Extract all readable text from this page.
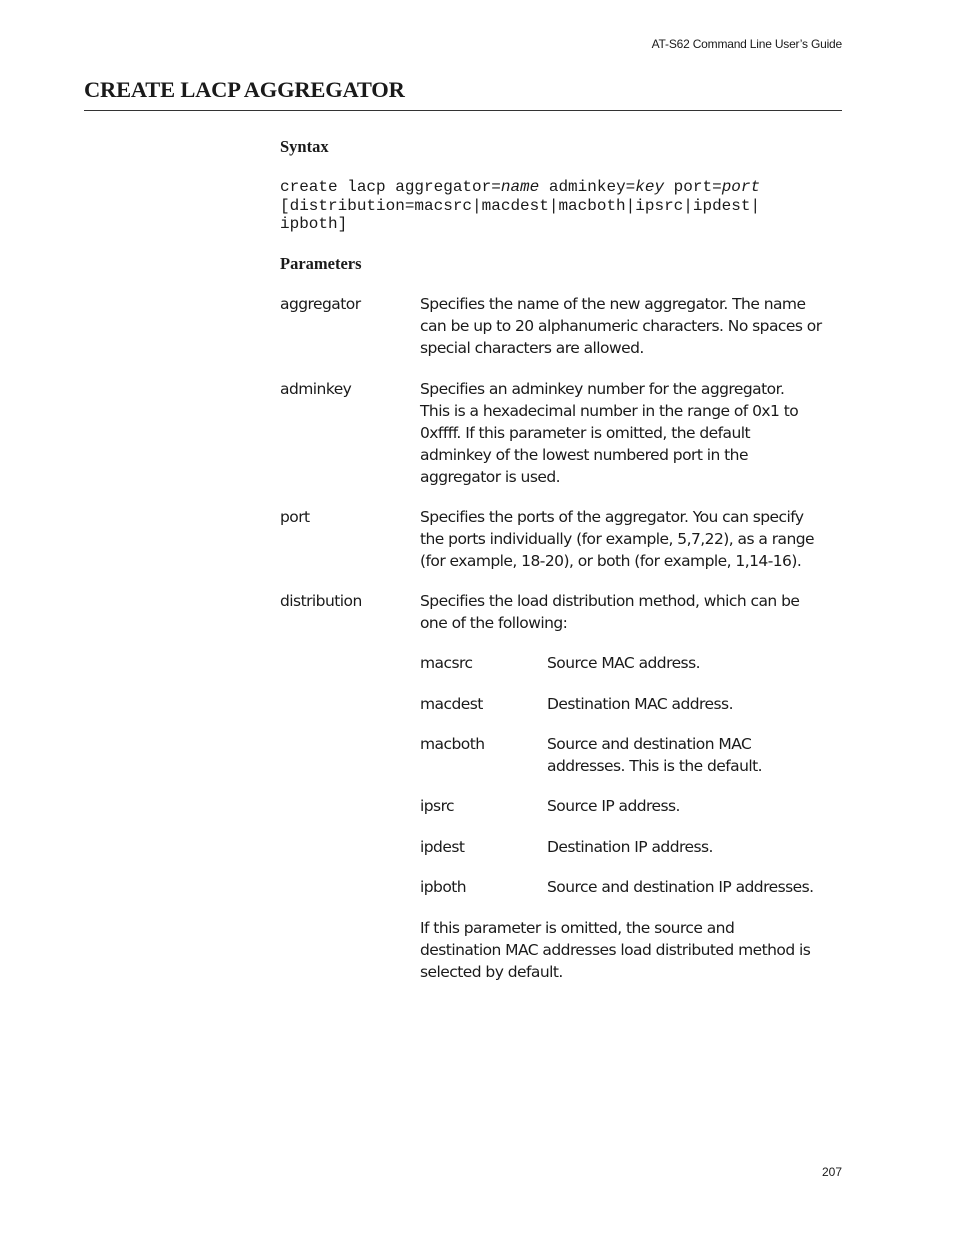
AT-S62 Command Line User’s Guide
CREATE LACP AGGREGATOR
Syntax
create lacp aggregator=name adminkey=key port=port
[distribution=macsrc|macdest|macboth|ipsrc|ipdest|
ipboth]
Parameters

aggregator	Specifies the name of the new aggregator. The name
can be up to 20 alphanumeric characters. No spaces or
special characters are allowed.

adminkey	Specifies an adminkey number for the aggregator.
This is a hexadecimal number in the range of 0x1 to
0xffff. If this parameter is omitted, the default
adminkey of the lowest numbered port in the
aggregator is used.

port	Specifies the ports of the aggregator. You can specify
the ports individually (for example, 5,7,22), as a range
(for example, 18-20), or both (for example, 1,14-16).

distribution	Specifies the load distribution method, which can be
one of the following:

macsrc	Source MAC address.

macdest	Destination MAC address.

macboth	Source and destination MAC
addresses. This is the default.

ipsrc	Source IP address.

ipdest	Destination IP address.

ipboth	Source and destination IP addresses.

If this parameter is omitted, the source and
destination MAC addresses load distributed method is
selected by default.

207
